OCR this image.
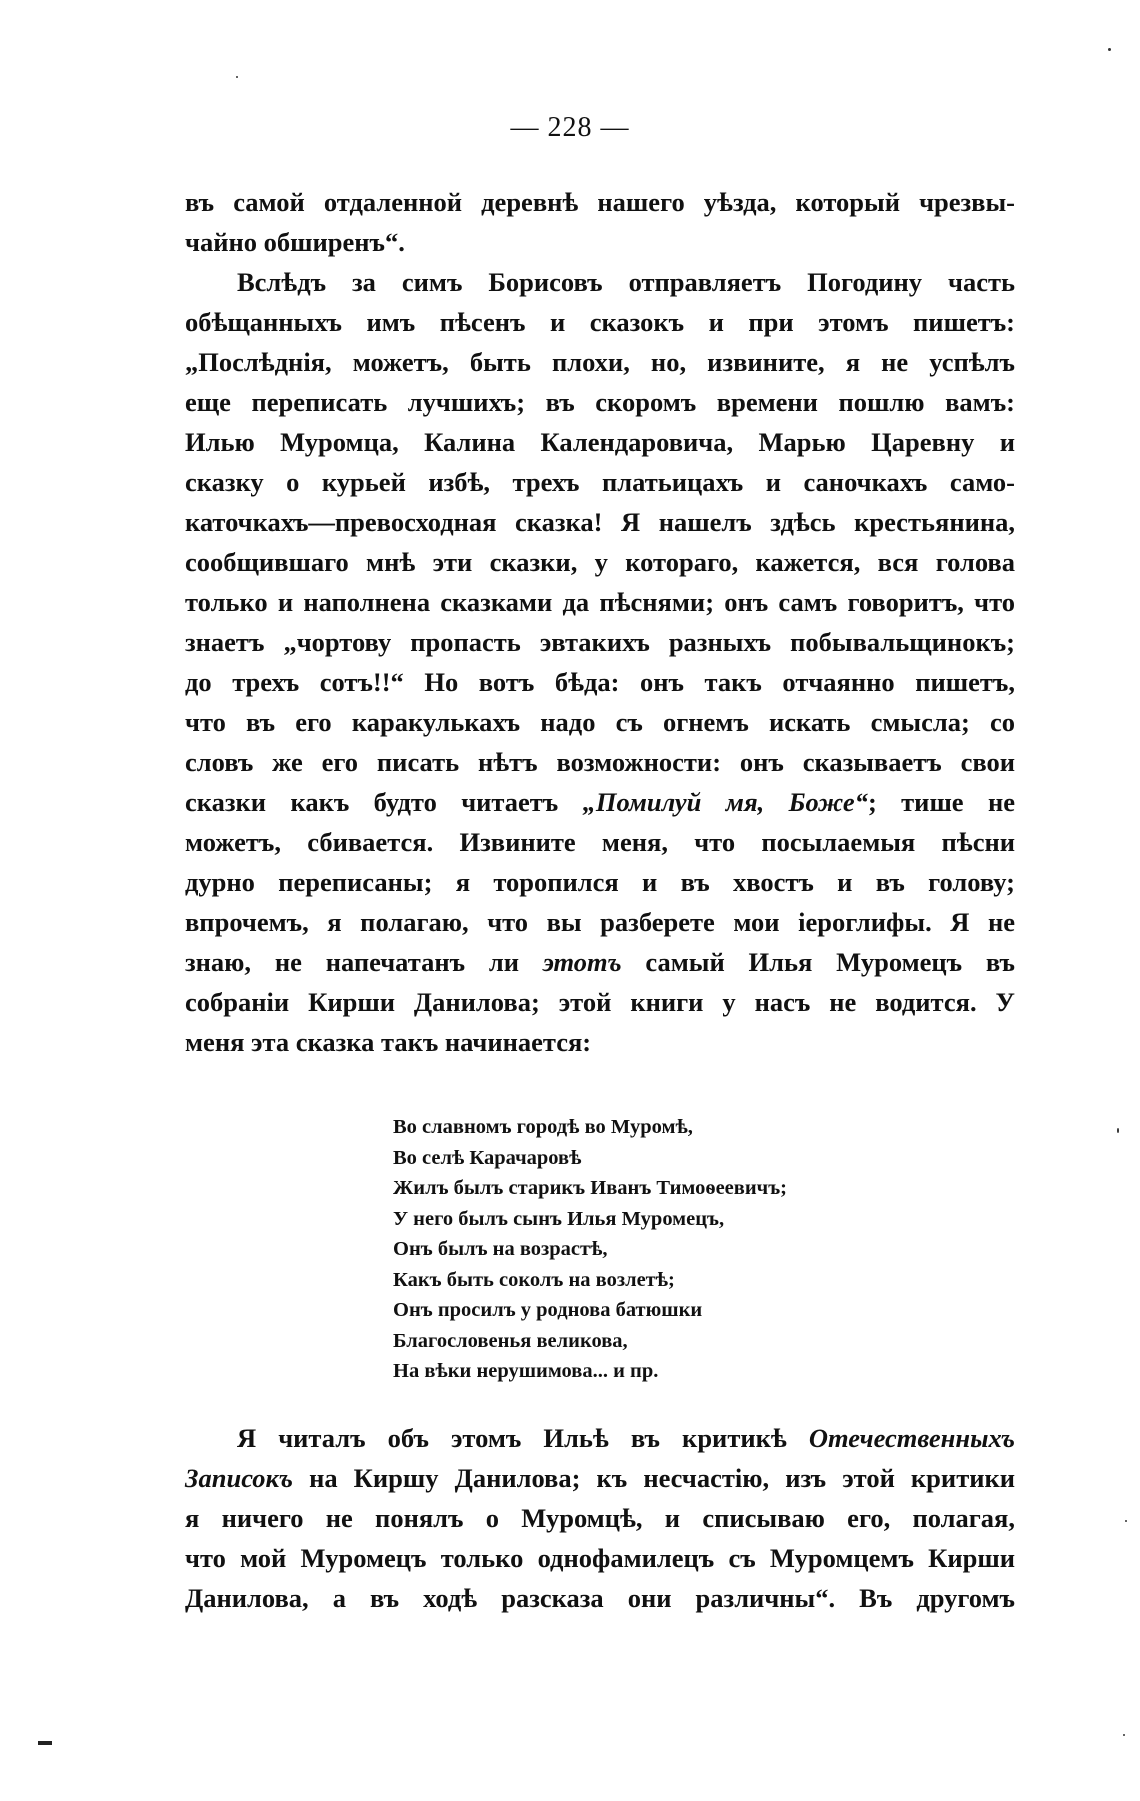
— 228 —
въ самой отдаленной деревнѣ нашего уѣзда, который чрезвы-
чайно обширенъ“.
Вслѣдъ за симъ Борисовъ отправляетъ Погодину часть
обѣщанныхъ имъ пѣсенъ и сказокъ и при этомъ пишетъ:
„Послѣднія, можетъ, быть плохи, но, извините, я не успѣлъ
еще переписать лучшихъ; въ скоромъ времени пошлю вамъ:
Илью Муромца, Калина Календаровича, Марью Царевну и
сказку о курьей избѣ, трехъ платьицахъ и саночкахъ само-
каточкахъ—превосходная сказка! Я нашелъ здѣсь крестьянина,
сообщившаго мнѣ эти сказки, у котораго, кажется, вся голова
только и наполнена сказками да пѣснями; онъ самъ говоритъ, что
знаетъ „чортову пропасть эвтакихъ разныхъ побывальщинокъ;
до трехъ сотъ!!“ Но вотъ бѣда: онъ такъ отчаянно пишетъ,
что въ его каракулькахъ надо съ огнемъ искать смысла; со
словъ же его писать нѣтъ возможности: онъ сказываетъ свои
сказки какъ будто читаетъ „Помилуй мя, Боже“; тише не
можетъ, сбивается. Извините меня, что посылаемыя пѣсни
дурно переписаны; я торопился и въ хвостъ и въ голову;
впрочемъ, я полагаю, что вы разберете мои іероглифы. Я не
знаю, не напечатанъ ли этотъ самый Илья Муромецъ въ
собраніи Кирши Данилова; этой книги у насъ не водится. У
меня эта сказка такъ начинается:
Во славномъ городѣ во Муромѣ,
Во селѣ Карачаровѣ
Жилъ былъ старикъ Иванъ Тимоѳеевичъ;
У него былъ сынъ Илья Муромецъ,
Онъ былъ на возрастѣ,
Какъ быть соколъ на возлетѣ;
Онъ просилъ у роднова батюшки
Благословенья великова,
На вѣки нерушимова... и пр.
Я читалъ объ этомъ Ильѣ въ критикѣ Отечественныхъ
Записокъ на Киршу Данилова; къ несчастію, изъ этой критики
я ничего не понялъ о Муромцѣ, и списываю его, полагая,
что мой Муромецъ только однофамилецъ съ Муромцемъ Кирши
Данилова, а въ ходѣ разсказа они различны“. Въ другомъ
